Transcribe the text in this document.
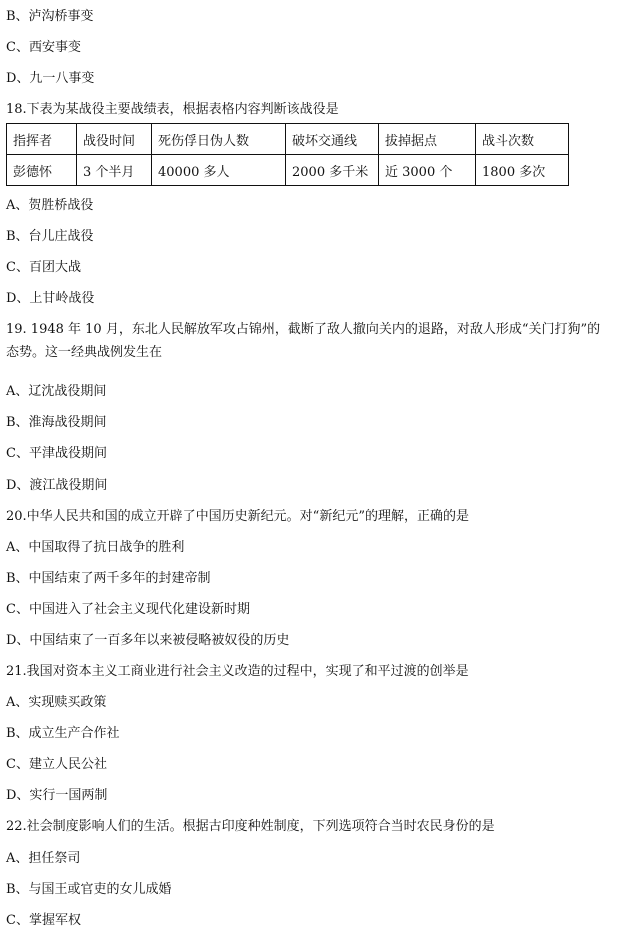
B、泸沟桥事变
C、西安事变
D、九一八事变
18.下表为某战役主要战绩表，根据表格内容判断该战役是
指挥者	战役时间	死伤俘日伪人数	破坏交通线	拔掉据点	战斗次数
彭德怀	3 个半月	40000 多人	2000 多千米	近 3000 个	1800 多次
A、贺胜桥战役
B、台儿庄战役
C、百团大战
D、上甘岭战役
19. 1948 年 10 月，东北人民解放军攻占锦州，截断了敌人撤向关内的退路，对敌人形成“关门打狗”的态势。这一经典战例发生在
A、辽沈战役期间
B、淮海战役期间
C、平津战役期间
D、渡江战役期间
20.中华人民共和国的成立开辟了中国历史新纪元。对“新纪元”的理解，正确的是
A、中国取得了抗日战争的胜利
B、中国结束了两千多年的封建帝制
C、中国进入了社会主义现代化建设新时期
D、中国结束了一百多年以来被侵略被奴役的历史
21.我国对资本主义工商业进行社会主义改造的过程中，实现了和平过渡的创举是
A、实现赎买政策
B、成立生产合作社
C、建立人民公社
D、实行一国两制
22.社会制度影响人们的生活。根据古印度种姓制度，下列选项符合当时农民身份的是
A、担任祭司
B、与国王或官吏的女儿成婚
C、掌握军权
